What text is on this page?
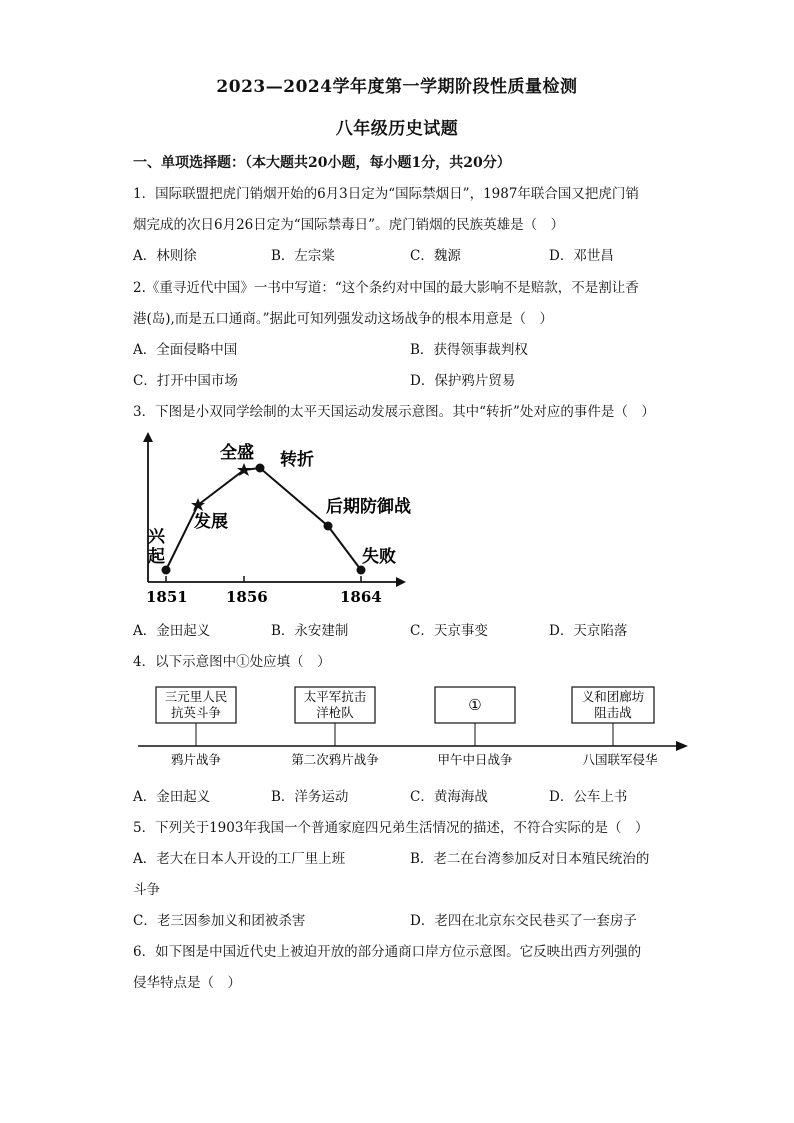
2023—2024学年度第一学期阶段性质量检测
八年级历史试题
一、单项选择题：（本大题共20小题，每小题1分，共20分）
1．国际联盟把虎门销烟开始的6月3日定为“国际禁烟日”，1987年联合国又把虎门销
烟完成的次日6月26日定为“国际禁毒日”。虎门销烟的民族英雄是（　）
A．林则徐	B．左宗棠	C．魏源	D．邓世昌
2.《重寻近代中国》一书中写道：“这个条约对中国的最大影响不是赔款，不是割让香
港(岛),而是五口通商。”据此可知列强发动这场战争的根本用意是（　）
A．全面侵略中国	B．获得领事裁判权
C．打开中国市场	D．保护鸦片贸易
3．下图是小双同学绘制的太平天国运动发展示意图。其中“转折”处对应的事件是（　）
兴
起
发展
全盛 转折
后期防御战
失败
1851	1856	1864
A．金田起义	B．永安建制	C．天京事变	D．天京陷落
4．以下示意图中①处应填（　）
三元里人民
抗英斗争
太平军抗击
洋枪队	①	义和团廊坊
阻击战
鸦片战争	第二次鸦片战争	甲午中日战争	八国联军侵华
A．金田起义	B．洋务运动	C．黄海海战	D．公车上书
5．下列关于1903年我国一个普通家庭四兄弟生活情况的描述，不符合实际的是（　）
A．老大在日本人开设的工厂里上班	B．老二在台湾参加反对日本殖民统治的
斗争
C．老三因参加义和团被杀害	D．老四在北京东交民巷买了一套房子
6．如下图是中国近代史上被迫开放的部分通商口岸方位示意图。它反映出西方列强的
侵华特点是（　）
